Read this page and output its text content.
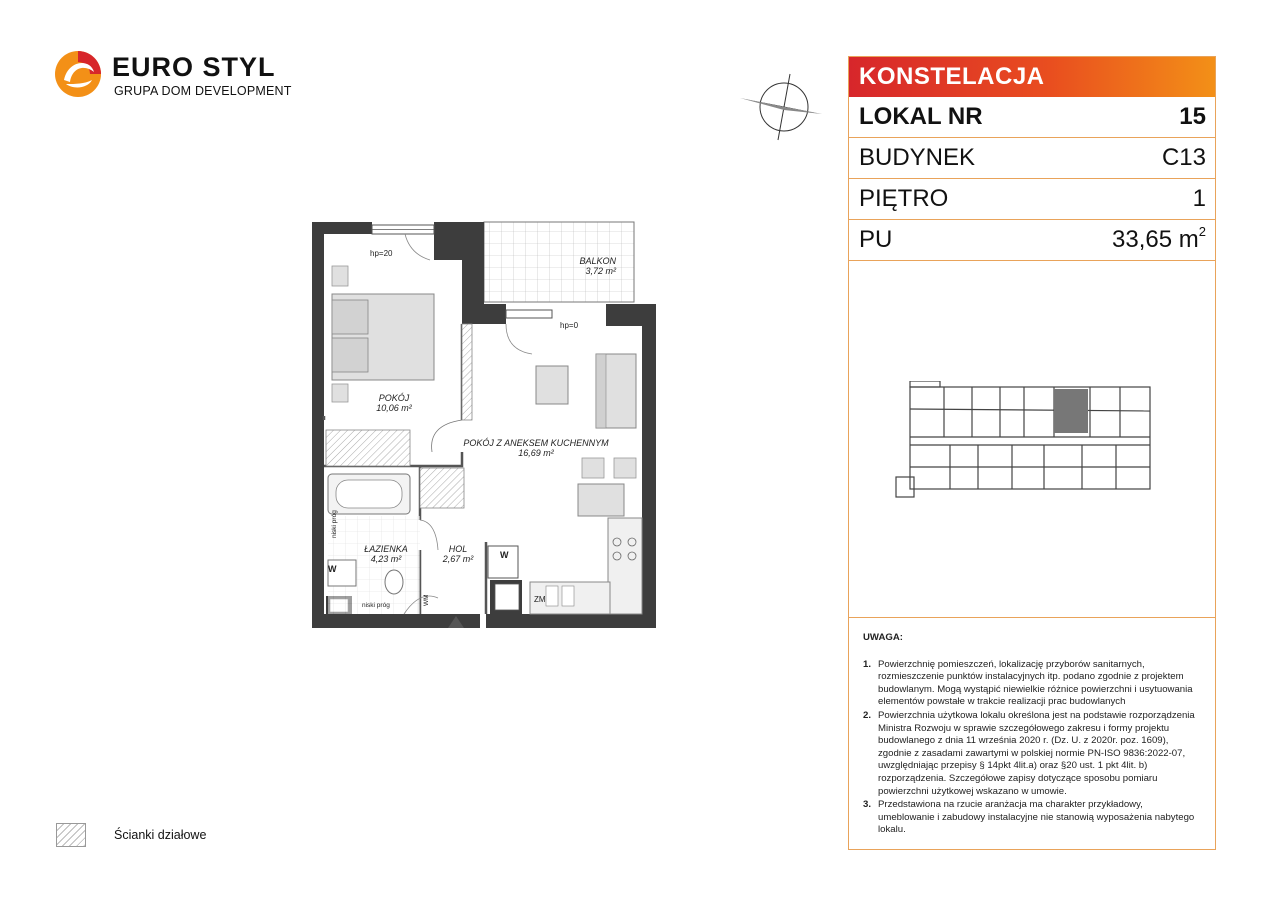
EURO STYL
GRUPA DOM DEVELOPMENT
BALKON
3,72 m²
POKÓJ
10,06 m²
POKÓJ Z ANEKSEM KUCHENNYM
16,69 m²
ŁAZIENKA
4,23 m²
HOL
2,67 m²
hp=20
hp=0
niski próg
niski próg
ZM
WM
W
W
KONSTELACJA
LOKAL NR	15
BUDYNEK	C13
PIĘTRO	1
PU	33,65 $m^2$
UWAGA:
1. Powierzchnię pomieszczeń, lokalizację przyborów sanitarnych, rozmieszczenie punktów instalacyjnych itp. podano zgodnie z projektem budowlanym. Mogą wystąpić niewielkie różnice powierzchni i usytuowania elementów powstałe w trakcie realizacji prac budowlanych
2. Powierzchnia użytkowa lokalu określona jest na podstawie rozporządzenia Ministra Rozwoju w sprawie szczegółowego zakresu i formy projektu budowlanego z dnia 11 września 2020 r. (Dz. U. z 2020r. poz. 1609), zgodnie z zasadami zawartymi w polskiej normie PN-ISO 9836:2022-07, uwzględniając przepisy § 14pkt 4lit.a) oraz §20 ust. 1 pkt 4lit. b) rozporządzenia. Szczegółowe zapisy dotyczące sposobu pomiaru powierzchni użytkowej wskazano w umowie.
3. Przedstawiona na rzucie aranżacja ma charakter przykładowy, umeblowanie i zabudowy instalacyjne nie stanowią wyposażenia nabytego lokalu.
Ścianki działowe
